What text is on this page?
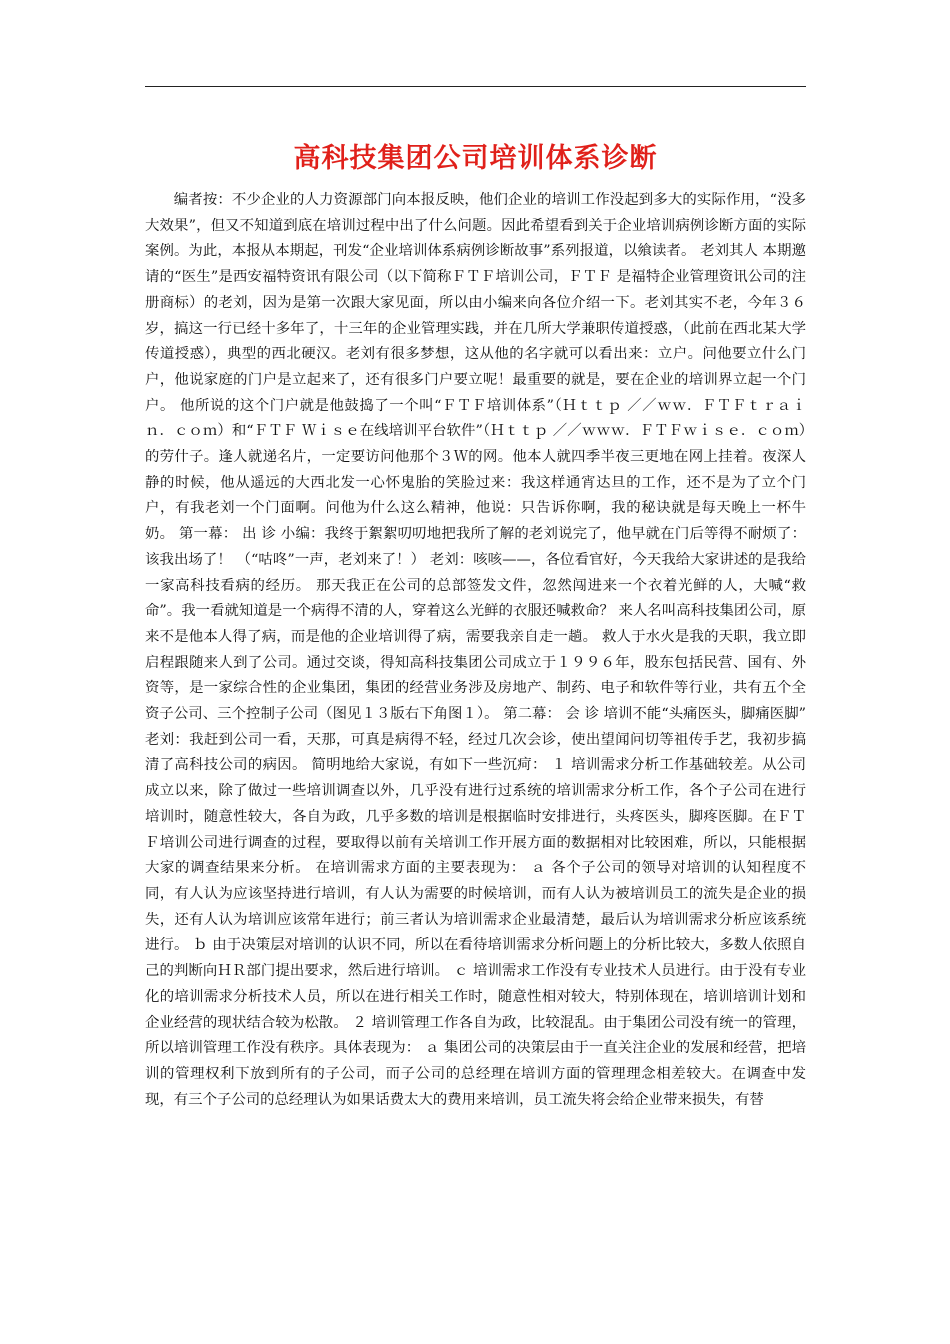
高科技集团公司培训体系诊断

编者按：不少企业的人力资源部门向本报反映，他们企业的培训工作没起到多大的实际作用，“没多大效果”，但又不知道到底在培训过程中出了什么问题。因此希望看到关于企业培训病例诊断方面的实际案例。为此，本报从本期起，刊发“企业培训体系病例诊断故事”系列报道，以飨读者。 老刘其人 本期邀请的“医生”是西安福特资讯有限公司（以下简称ＦＴＦ培训公司，ＦＴＦ 是福特企业管理资讯公司的注册商标）的老刘，因为是第一次跟大家见面，所以由小编来向各位介绍一下。老刘其实不老，今年３６岁，搞这一行已经十多年了，十三年的企业管理实践，并在几所大学兼职传道授惑，（此前在西北某大学传道授惑），典型的西北硬汉。老刘有很多梦想，这从他的名字就可以看出来：立户。问他要立什么门户，他说家庭的门户是立起来了，还有很多门户要立呢！最重要的就是，要在企业的培训界立起一个门户。 他所说的这个门户就是他鼓捣了一个叫“ＦＴＦ培训体系”（Ｈｔｔｐ ／／ｗｗ．ＦＴＦｔｒａｉｎ．ｃｏｍ）和“ＦＴＦ Ｗｉｓｅ在线培训平台软件”（Ｈｔｔｐ ／／ｗｗｗ．ＦＴＦｗｉｓｅ．ｃｏｍ）的劳什子。逢人就递名片，一定要访问他那个３Ｗ的网。他本人就四季半夜三更地在网上挂着。夜深人静的时候，他从遥远的大西北发一心怀鬼胎的笑脸过来：我这样通宵达旦的工作，还不是为了立个门户，有我老刘一个门面啊。问他为什么这么精神，他说：只告诉你啊，我的秘诀就是每天晚上一杯牛奶。 第一幕： 出 诊 小编：我终于絮絮叨叨地把我所了解的老刘说完了，他早就在门后等得不耐烦了：该我出场了！ （“咕咚”一声，老刘来了！） 老刘：咳咳——，各位看官好，今天我给大家讲述的是我给一家高科技看病的经历。 那天我正在公司的总部签发文件，忽然闯进来一个衣着光鲜的人，大喊“救命”。我一看就知道是一个病得不清的人，穿着这么光鲜的衣服还喊救命？ 来人名叫高科技集团公司，原来不是他本人得了病，而是他的企业培训得了病，需要我亲自走一趟。 救人于水火是我的天职，我立即启程跟随来人到了公司。通过交谈，得知高科技集团公司成立于１９９６年，股东包括民营、国有、外资等，是一家综合性的企业集团，集团的经营业务涉及房地产、制药、电子和软件等行业，共有五个全资子公司、三个控制子公司（图见１３版右下角图１）。 第二幕： 会 诊 培训不能“头痛医头，脚痛医脚” 老刘：我赶到公司一看，天那，可真是病得不轻，经过几次会诊，使出望闻问切等祖传手艺，我初步搞清了高科技公司的病因。 简明地给大家说，有如下一些沉疴： １ 培训需求分析工作基础较差。从公司成立以来，除了做过一些培训调查以外，几乎没有进行过系统的培训需求分析工作，各个子公司在进行培训时，随意性较大，各自为政，几乎多数的培训是根据临时安排进行，头疼医头，脚疼医脚。在ＦＴＦ培训公司进行调查的过程，要取得以前有关培训工作开展方面的数据相对比较困难，所以，只能根据大家的调查结果来分析。 在培训需求方面的主要表现为： ａ 各个子公司的领导对培训的认知程度不同，有人认为应该坚持进行培训，有人认为需要的时候培训，而有人认为被培训员工的流失是企业的损失，还有人认为培训应该常年进行；前三者认为培训需求企业最清楚，最后认为培训需求分析应该系统进行。 ｂ 由于决策层对培训的认识不同，所以在看待培训需求分析问题上的分析比较大，多数人依照自己的判断向ＨＲ部门提出要求，然后进行培训。 ｃ 培训需求工作没有专业技术人员进行。由于没有专业化的培训需求分析技术人员，所以在进行相关工作时，随意性相对较大，特别体现在，培训培训计划和企业经营的现状结合较为松散。 ２ 培训管理工作各自为政，比较混乱。由于集团公司没有统一的管理，所以培训管理工作没有秩序。具体表现为： ａ 集团公司的决策层由于一直关注企业的发展和经营，把培训的管理权利下放到所有的子公司，而子公司的总经理在培训方面的管理理念相差较大。在调查中发现，有三个子公司的总经理认为如果话费太大的费用来培训，员工流失将会给企业带来损失，有替
